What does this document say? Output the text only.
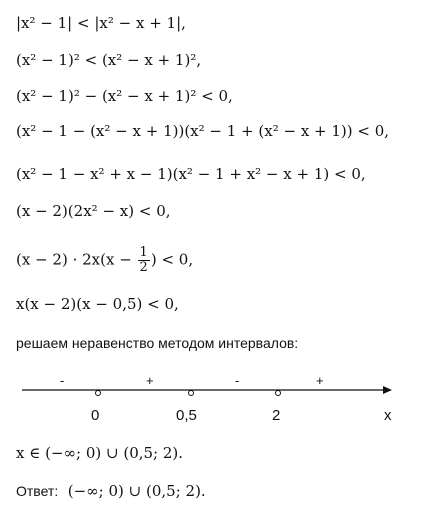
|x² − 1| < |x² − x + 1|,
(x² − 1)² < (x² − x + 1)²,
(x² − 1)² − (x² − x + 1)² < 0,
(x² − 1 − (x² − x + 1))(x² − 1 + (x² − x + 1)) < 0,
(x² − 1 − x² + x − 1)(x² − 1 + x² − x + 1) < 0,
(x − 2)(2x² − x) < 0,
$(x - 2) \cdot 2x(x - \frac{1}{2}$ ) < 0,
x(x − 2)(x − 0,5) < 0,
решаем неравенство методом интервалов:
-	+	-	+
0	0,5	2	x
x ∈ (−∞; 0) ∪ (0,5; 2).
Ответ: (−∞; 0) ∪ (0,5; 2).
